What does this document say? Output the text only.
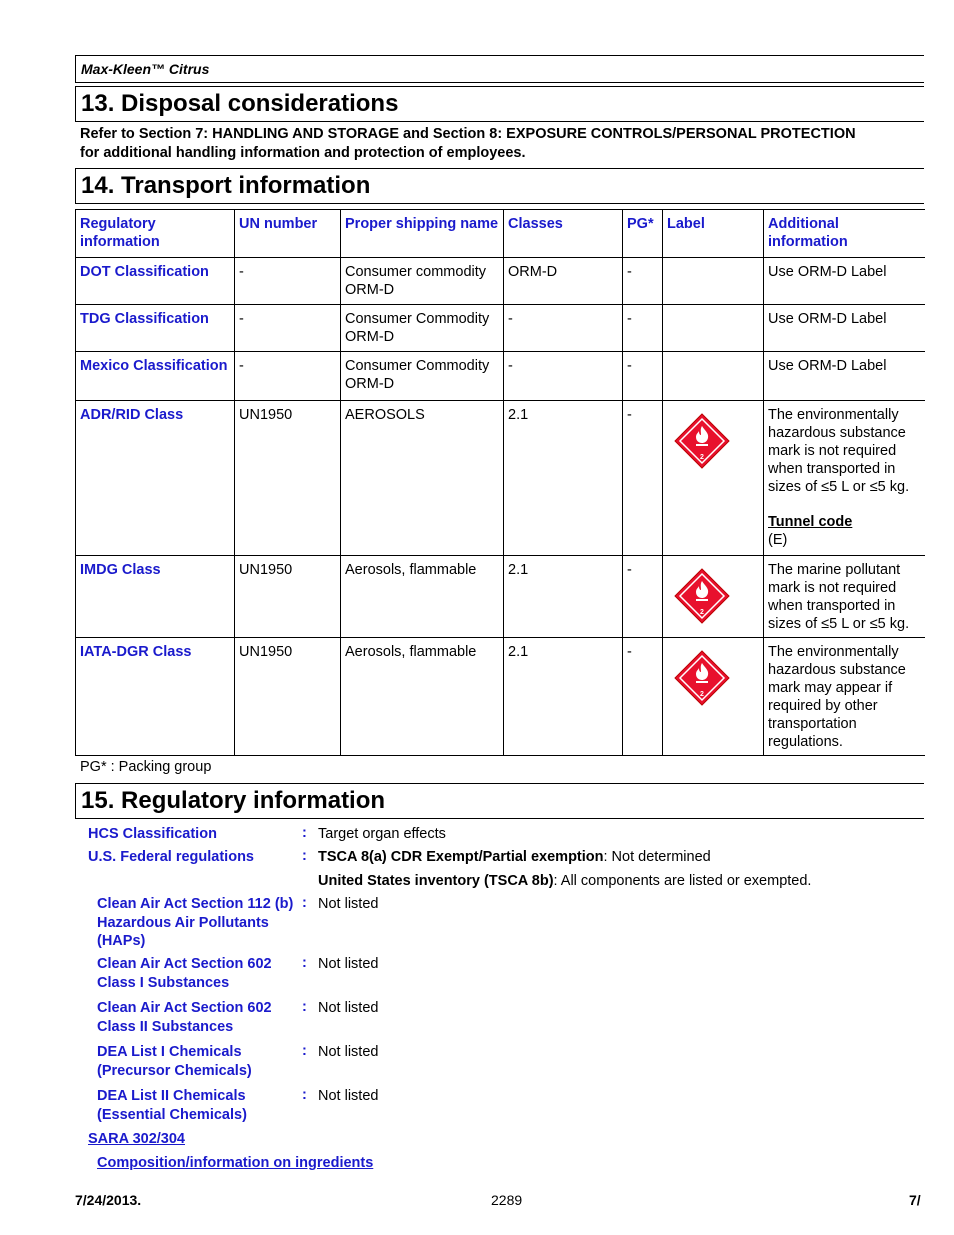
Max-Kleen™ Citrus
13. Disposal considerations
Refer to Section 7: HANDLING AND STORAGE and Section 8: EXPOSURE CONTROLS/PERSONAL PROTECTION
for additional handling information and protection of employees.
14. Transport information
Regulatory information	UN number	Proper shipping name	Classes	PG*	Label	Additional information
DOT Classification	-	Consumer commodity ORM-D	ORM-D	-		Use ORM-D Label
TDG Classification	-	Consumer Commodity ORM-D	-	-		Use ORM-D Label
Mexico Classification	-	Consumer Commodity ORM-D	-	-		Use ORM-D Label
ADR/RID Class	UN1950	AEROSOLS	2.1	-	2	The environmentally hazardous substance mark is not required when transported in sizes of ≤5 L or ≤5 kg.
Tunnel code
(E)

IMDG Class	UN1950	Aerosols, flammable	2.1	-	2	The marine pollutant mark is not required when transported in sizes of ≤5 L or ≤5 kg.
IATA-DGR Class	UN1950	Aerosols, flammable	2.1	-	2	The environmentally hazardous substance mark may appear if required by other transportation regulations.
PG* : Packing group
15. Regulatory information
HCS Classification	: Target organ effects
U.S. Federal regulations	: TSCA 8(a) CDR Exempt/Partial exemption: Not determined
United States inventory (TSCA 8b): All components are listed or exempted.
Clean Air Act Section 112 (b) Hazardous Air Pollutants (HAPs)
: Not listed
Clean Air Act Section 602 Class I Substances
: Not listed
Clean Air Act Section 602 Class II Substances
: Not listed
DEA List I Chemicals (Precursor Chemicals)
: Not listed
DEA List II Chemicals (Essential Chemicals)
: Not listed
SARA 302/304
Composition/information on ingredients
7/24/2013.	2289	7/
